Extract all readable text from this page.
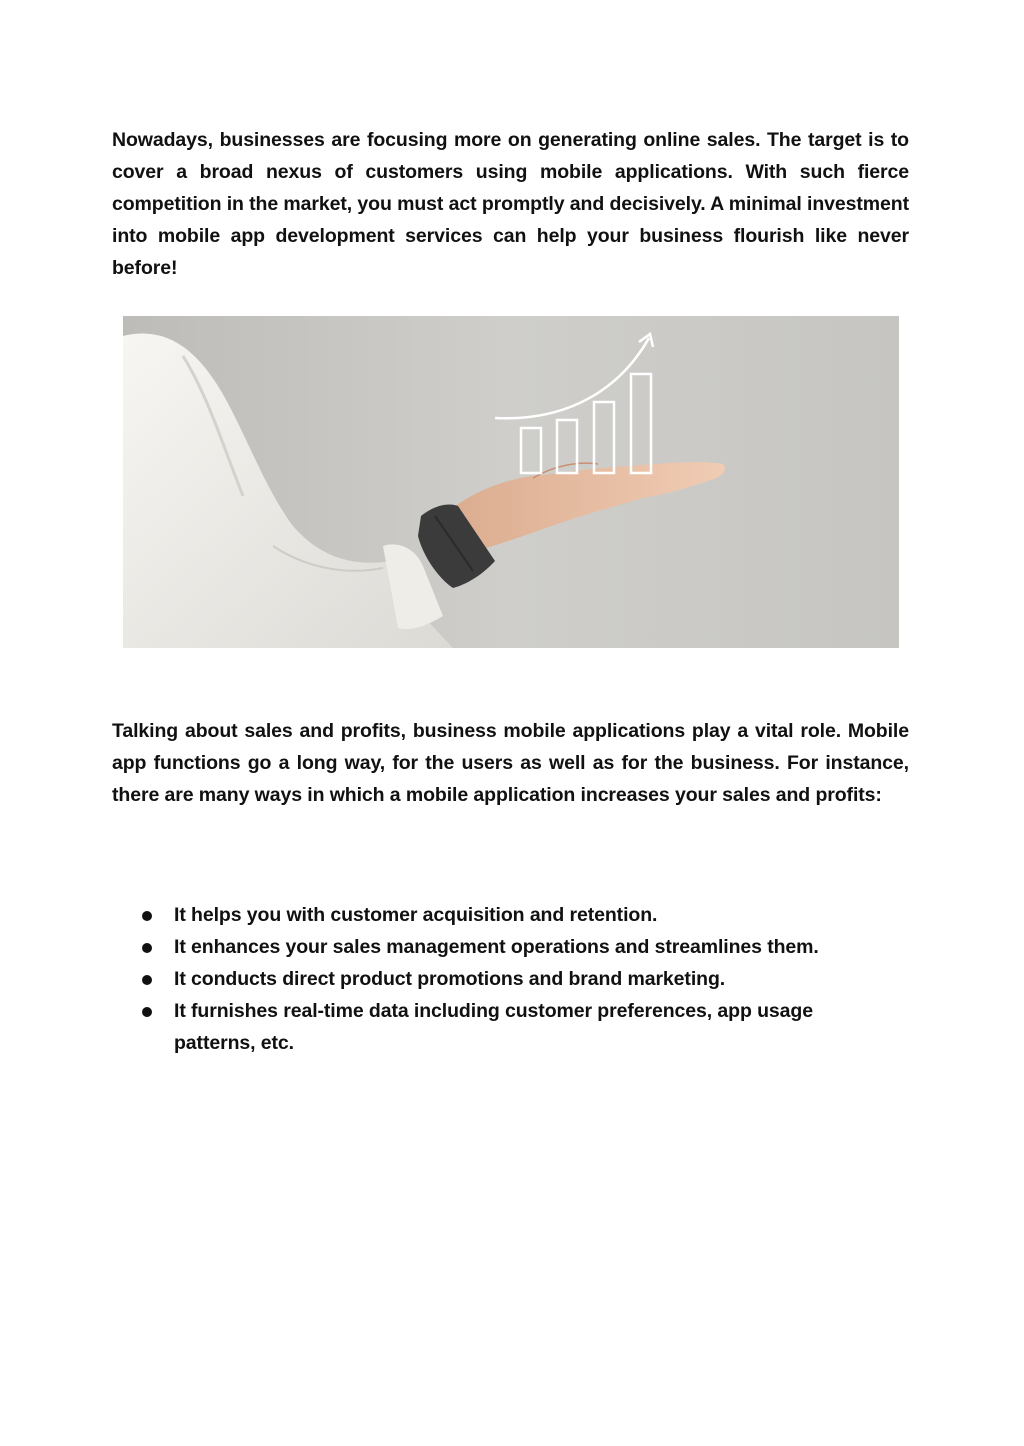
Nowadays, businesses are focusing more on generating online sales. The target is to cover a broad nexus of customers using mobile applications. With such fierce competition in the market, you must act promptly and decisively. A minimal investment into mobile app development services can help your business flourish like never before!

Talking about sales and profits, business mobile applications play a vital role. Mobile app functions go a long way, for the users as well as for the business. For instance, there are many ways in which a mobile application increases your sales and profits:

It helps you with customer acquisition and retention.
It enhances your sales management operations and streamlines them.
It conducts direct product promotions and brand marketing.
It furnishes real-time data including customer preferences, app usage patterns, etc.
